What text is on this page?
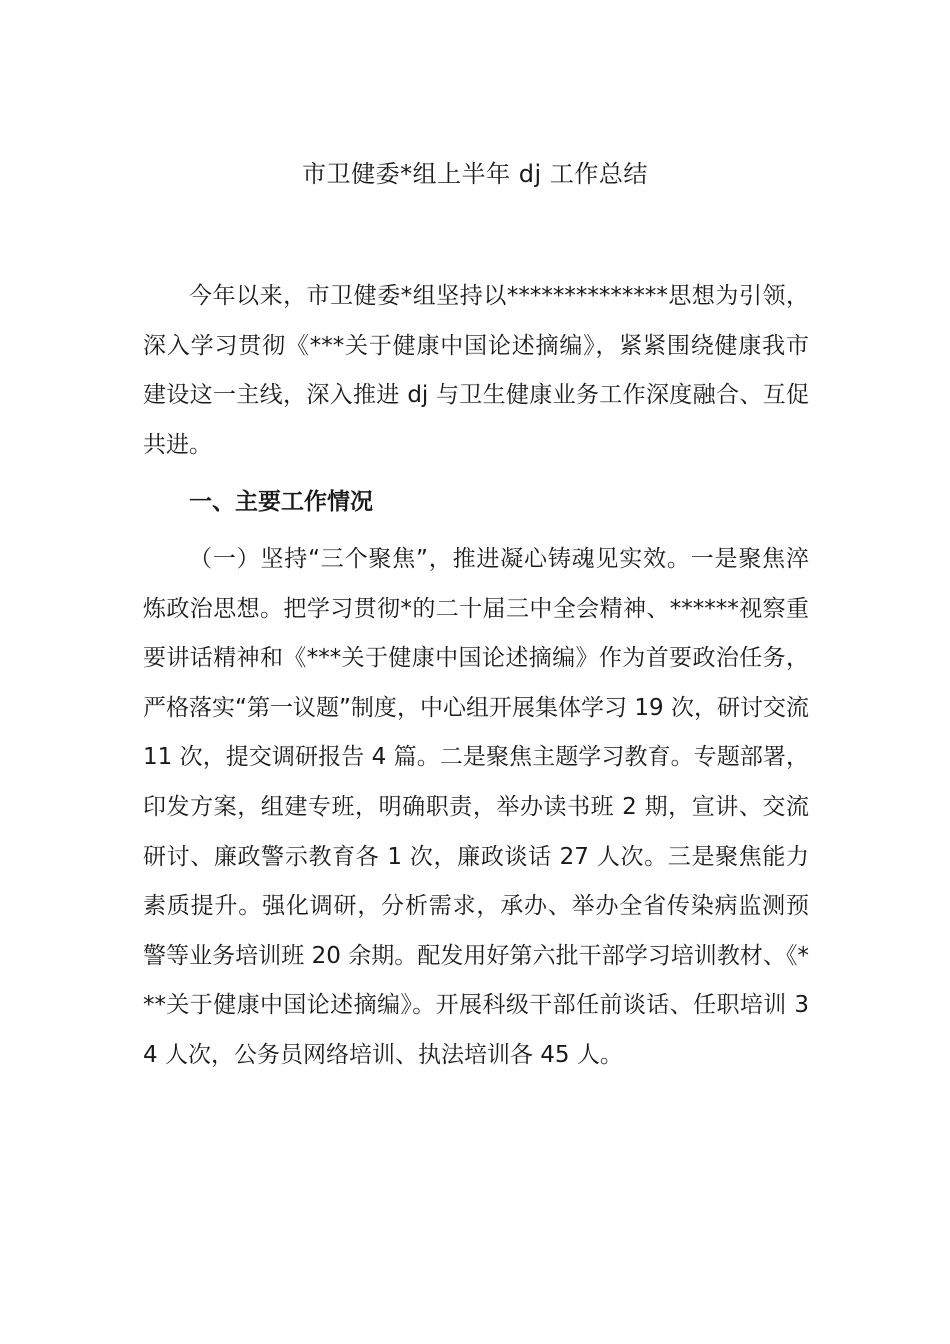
市卫健委*组上半年 dj 工作总结

今年以来，市卫健委*组坚持以**************思想为引领，深入学习贯彻《***关于健康中国论述摘编》，紧紧围绕健康我市建设这一主线，深入推进 dj 与卫生健康业务工作深度融合、互促共进。

一、主要工作情况

（一）坚持“三个聚焦”，推进凝心铸魂见实效。一是聚焦淬炼政治思想。把学习贯彻*的二十届三中全会精神、******视察重要讲话精神和《***关于健康中国论述摘编》作为首要政治任务，严格落实“第一议题”制度，中心组开展集体学习 19 次，研讨交流 11 次，提交调研报告 4 篇。二是聚焦主题学习教育。专题部署，印发方案，组建专班，明确职责，举办读书班 2 期，宣讲、交流研讨、廉政警示教育各 1 次，廉政谈话 27 人次。三是聚焦能力素质提升。强化调研，分析需求，承办、举办全省传染病监测预警等业务培训班 20 余期。配发用好第六批干部学习培训教材、《***关于健康中国论述摘编》。开展科级干部任前谈话、任职培训 34 人次，公务员网络培训、执法培训各 45 人。
